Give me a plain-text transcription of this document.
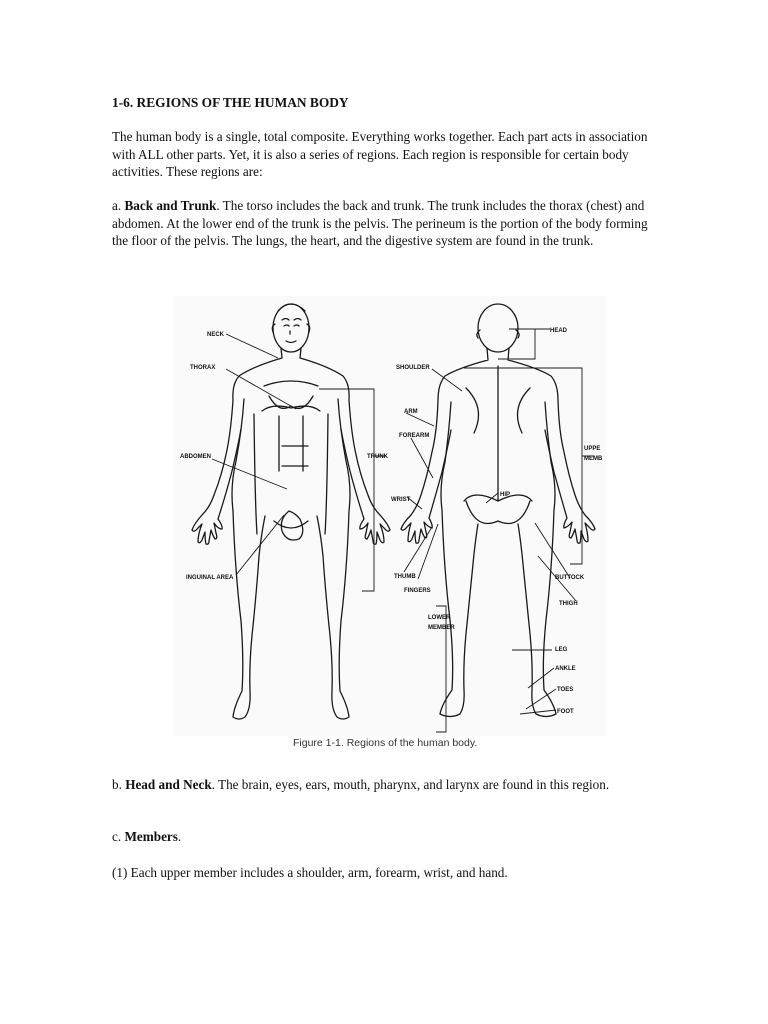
1-6. REGIONS OF THE HUMAN BODY

The human body is a single, total composite. Everything works together. Each part acts in association with ALL other parts. Yet, it is also a series of regions. Each region is responsible for certain body activities. These regions are:

a. Back and Trunk. The torso includes the back and trunk. The trunk includes the thorax (chest) and abdomen. At the lower end of the trunk is the pelvis. The perineum is the portion of the body forming the floor of the pelvis. The lungs, the heart, and the digestive system are found in the trunk.

NECK
THORAX
ABDOMEN
INGUINAL AREA
TRUNK
HEAD
SHOULDER
ARM
FOREARM
WRIST
UPPE
MEMB
HIP
THUMB
FINGERS
BUTTOCK
THIGH
LOWER
MEMBER
LEG
ANKLE
TOES
FOOT
Figure 1-1. Regions of the human body.

b. Head and Neck. The brain, eyes, ears, mouth, pharynx, and larynx are found in this region.

c. Members.

(1) Each upper member includes a shoulder, arm, forearm, wrist, and hand.
